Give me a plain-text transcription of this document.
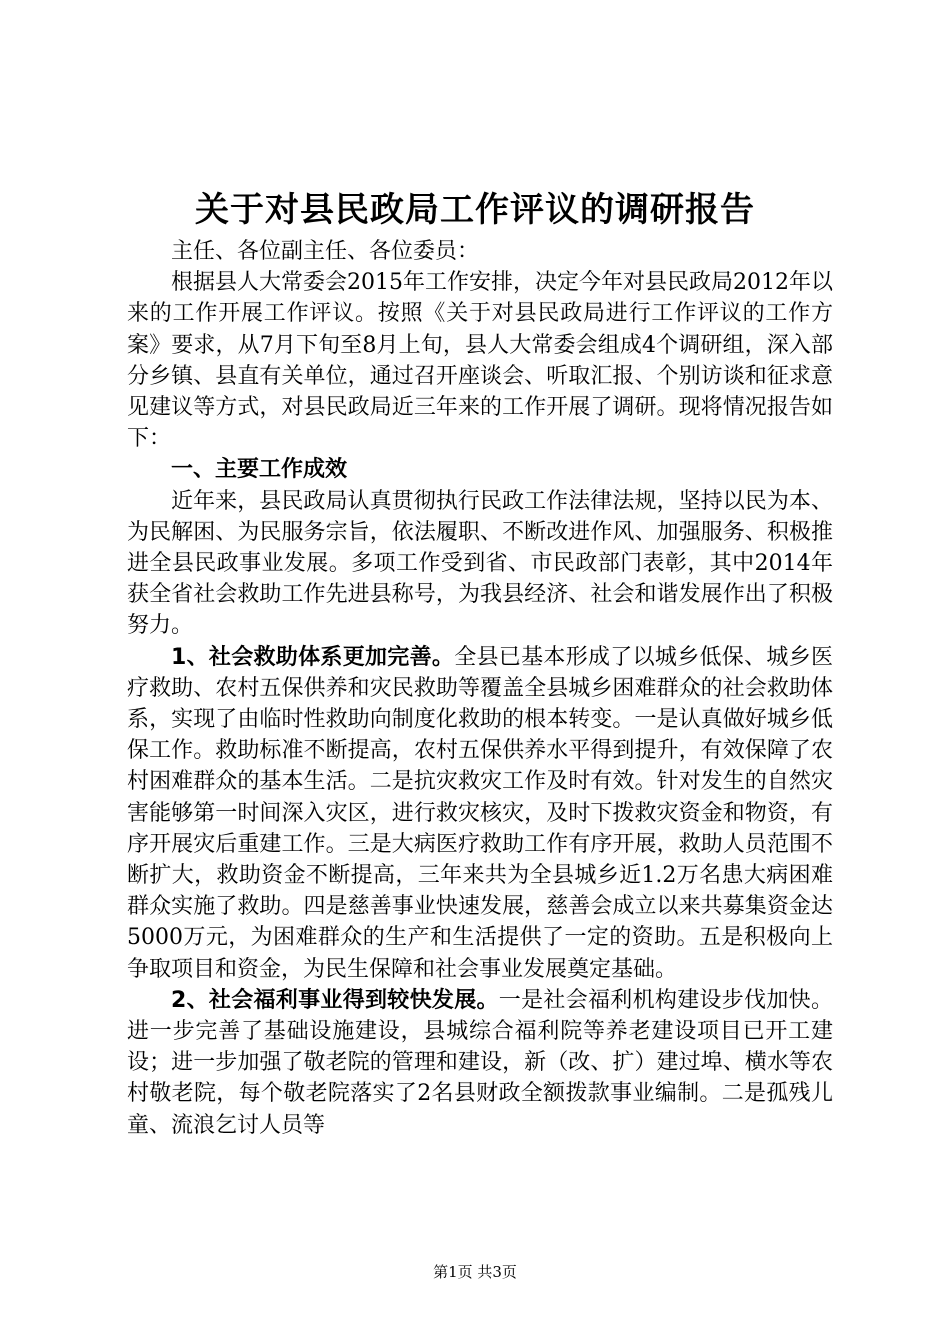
关于对县民政局工作评议的调研报告

主任、各位副主任、各位委员：

根据县人大常委会2015年工作安排，决定今年对县民政局2012年以来的工作开展工作评议。按照《关于对县民政局进行工作评议的工作方案》要求，从7月下旬至8月上旬，县人大常委会组成4个调研组，深入部分乡镇、县直有关单位，通过召开座谈会、听取汇报、个别访谈和征求意见建议等方式，对县民政局近三年来的工作开展了调研。现将情况报告如下：

一、主要工作成效

近年来，县民政局认真贯彻执行民政工作法律法规，坚持以民为本、为民解困、为民服务宗旨，依法履职、不断改进作风、加强服务、积极推进全县民政事业发展。多项工作受到省、市民政部门表彰，其中2014年获全省社会救助工作先进县称号，为我县经济、社会和谐发展作出了积极努力。

1、社会救助体系更加完善。全县已基本形成了以城乡低保、城乡医疗救助、农村五保供养和灾民救助等覆盖全县城乡困难群众的社会救助体系，实现了由临时性救助向制度化救助的根本转变。一是认真做好城乡低保工作。救助标准不断提高，农村五保供养水平得到提升，有效保障了农村困难群众的基本生活。二是抗灾救灾工作及时有效。针对发生的自然灾害能够第一时间深入灾区，进行救灾核灾，及时下拨救灾资金和物资，有序开展灾后重建工作。三是大病医疗救助工作有序开展，救助人员范围不断扩大，救助资金不断提高，三年来共为全县城乡近1.2万名患大病困难群众实施了救助。四是慈善事业快速发展，慈善会成立以来共募集资金达5000万元，为困难群众的生产和生活提供了一定的资助。五是积极向上争取项目和资金，为民生保障和社会事业发展奠定基础。

2、社会福利事业得到较快发展。一是社会福利机构建设步伐加快。进一步完善了基础设施建设，县城综合福利院等养老建设项目已开工建设；进一步加强了敬老院的管理和建设，新（改、扩）建过埠、横水等农村敬老院，每个敬老院落实了2名县财政全额拨款事业编制。二是孤残儿童、流浪乞讨人员等

第1页 共3页
